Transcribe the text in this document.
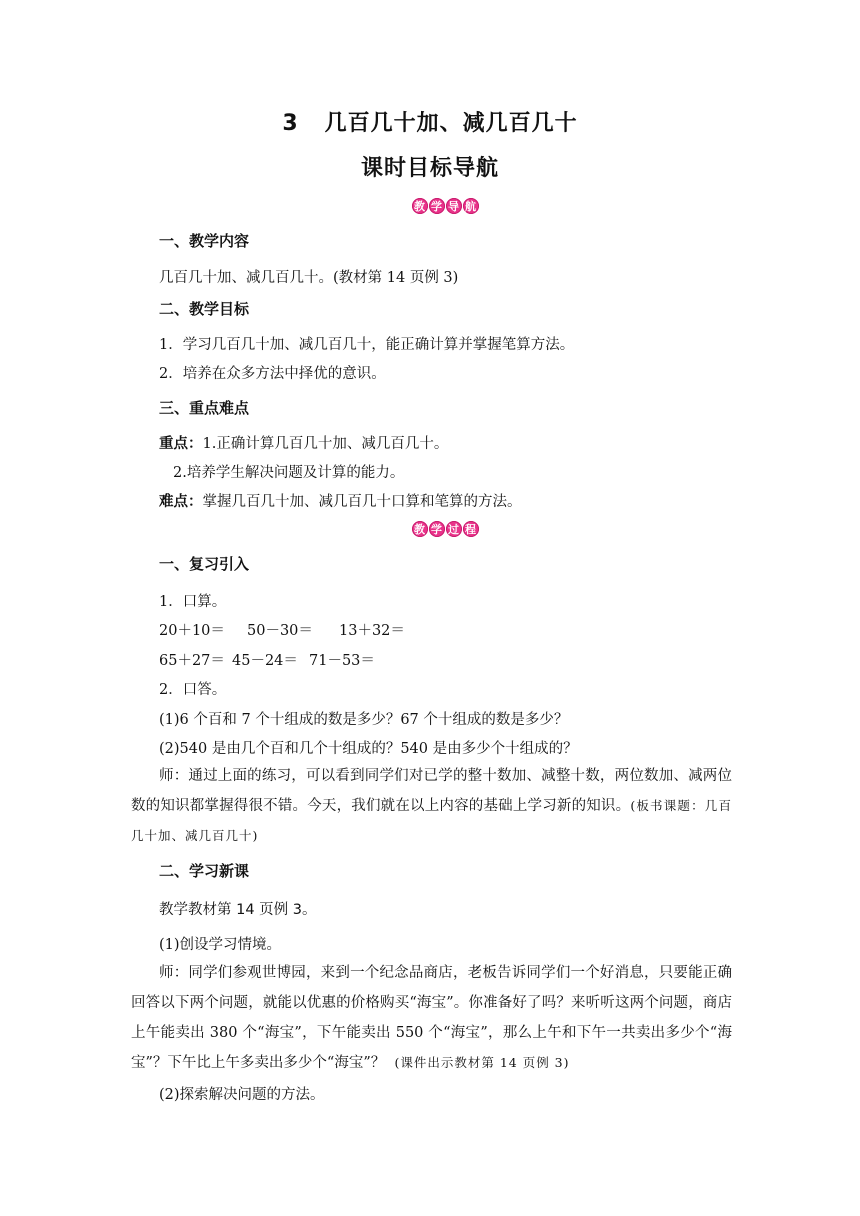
3 几百几十加、减几百几十
课时目标导航
教 学 导 航
一、教学内容
几百几十加、减几百几十。(教材第 14 页例 3)
二、教学目标
1．学习几百几十加、减几百几十，能正确计算并掌握笔算方法。
2．培养在众多方法中择优的意识。
三、重点难点
重点：1.正确计算几百几十加、减几百几十。
2.培养学生解决问题及计算的能力。
难点：掌握几百几十加、减几百几十口算和笔算的方法。
教 学 过 程
一、复习引入
1．口算。
20＋10＝ 50－30＝ 13＋32＝
65＋27＝ 45－24＝ 71－53＝
2．口答。
(1)6 个百和 7 个十组成的数是多少？67 个十组成的数是多少？
(2)540 是由几个百和几个十组成的？540 是由多少个十组成的？
师：通过上面的练习，可以看到同学们对已学的整十数加、减整十数，两位数加、减两位数的知识都掌握得很不错。今天，我们就在以上内容的基础上学习新的知识。(板书课题：几百几十加、减几百几十)
二、学习新课
教学教材第 14 页例 3。
(1)创设学习情境。
师：同学们参观世博园，来到一个纪念品商店，老板告诉同学们一个好消息，只要能正确回答以下两个问题，就能以优惠的价格购买“海宝”。你准备好了吗？来听听这两个问题，商店上午能卖出 380 个“海宝”，下午能卖出 550 个“海宝”，那么上午和下午一共卖出多少个“海宝”？下午比上午多卖出多少个“海宝”？ (课件出示教材第 14 页例 3)
(2)探索解决问题的方法。
